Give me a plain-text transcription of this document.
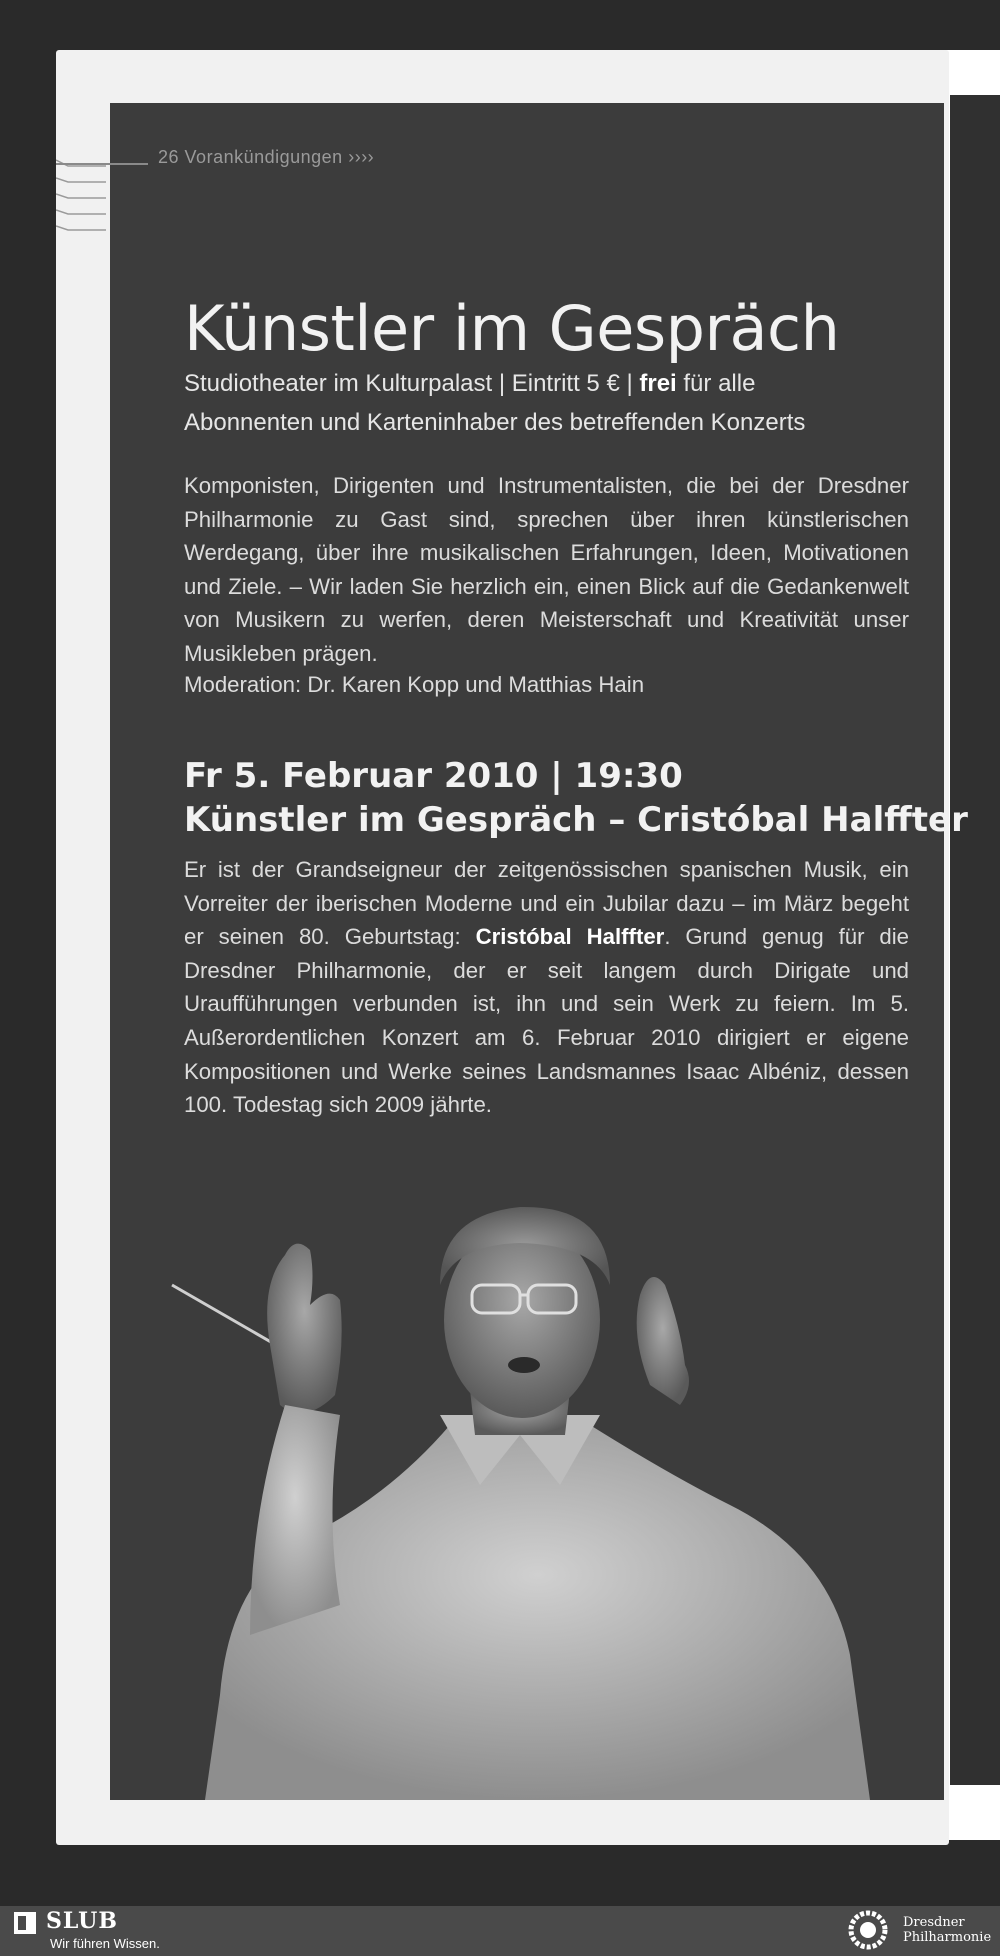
26 Vorankündigungen ››››
Künstler im Gespräch

Studiotheater im Kulturpalast | Eintritt 5 € | frei für alle

Abonnenten und Karteninhaber des betreffenden Konzerts

Komponisten, Dirigenten und Instrumentalisten, die bei der Dresdner Philharmonie zu Gast sind, sprechen über ihren künstlerischen Werdegang, über ihre musikalischen Erfahrungen, Ideen, Motivationen und Ziele. – Wir laden Sie herzlich ein, einen Blick auf die Gedankenwelt von Musikern zu werfen, deren Meisterschaft und Kreativität unser Musikleben prägen.

Moderation: Dr. Karen Kopp und Matthias Hain

Fr 5. Februar 2010 | 19:30
Künstler im Gespräch – Cristóbal Halffter

Er ist der Grandseigneur der zeitgenössischen spanischen Musik, ein Vorreiter der iberischen Moderne und ein Jubilar dazu – im März begeht er seinen 80. Geburtstag: Cristóbal Halffter. Grund genug für die Dresdner Philharmonie, der er seit langem durch Dirigate und Uraufführungen verbunden ist, ihn und sein Werk zu feiern. Im 5. Außerordentlichen Konzert am 6. Februar 2010 dirigiert er eigene Kompositionen und Werke seines Landsmannes Isaac Albéniz, dessen 100. Todestag sich 2009 jährte.

SLUB
Wir führen Wissen.
Dresdner
Philharmonie
